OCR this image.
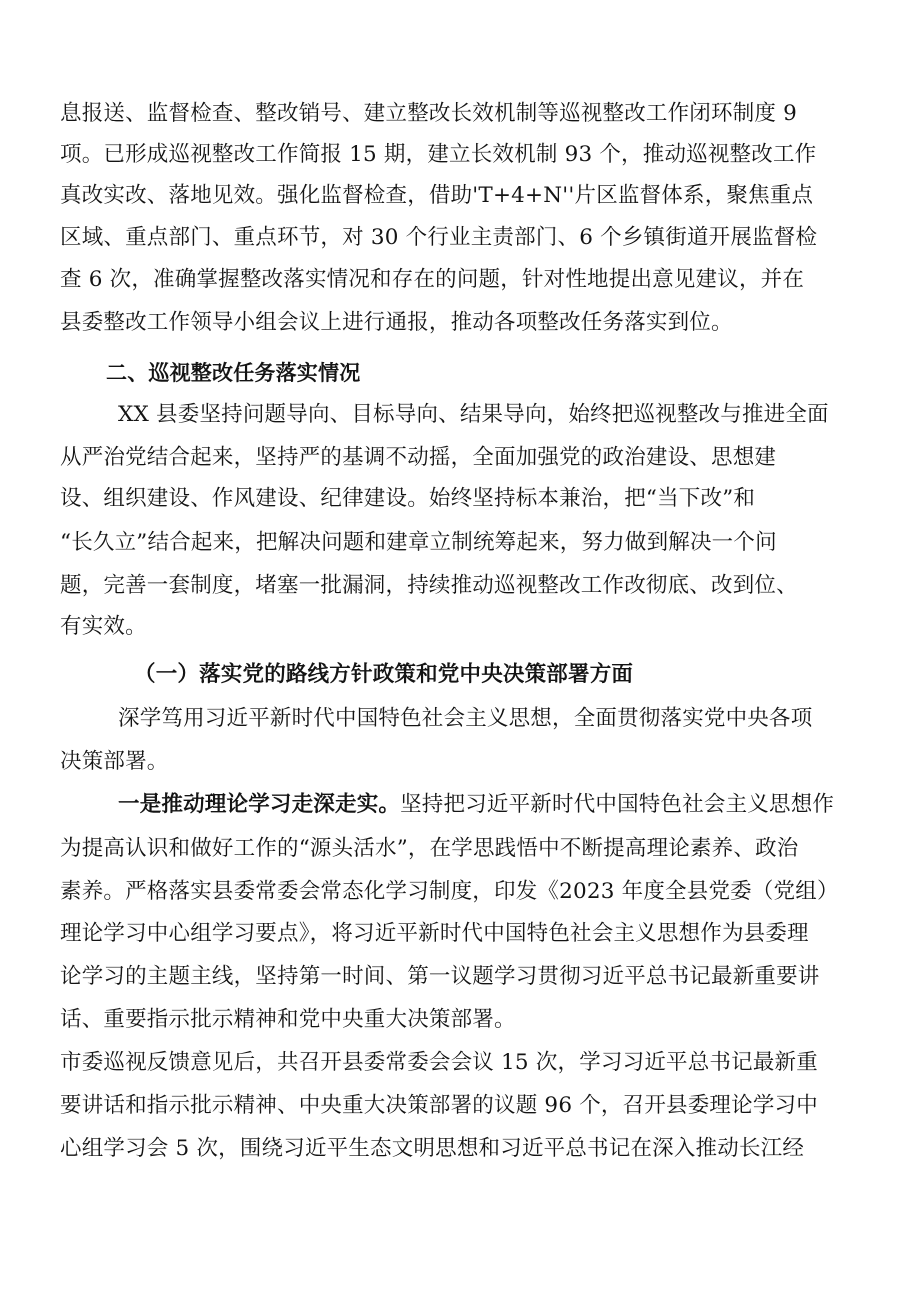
息报送、监督检查、整改销号、建立整改长效机制等巡视整改工作闭环制度 9
项。已形成巡视整改工作简报 15 期，建立长效机制 93 个，推动巡视整改工作
真改实改、落地见效。强化监督检查，借助'T+4+N''片区监督体系，聚焦重点
区域、重点部门、重点环节，对 30 个行业主责部门、6 个乡镇街道开展监督检
查 6 次，准确掌握整改落实情况和存在的问题，针对性地提出意见建议，并在
县委整改工作领导小组会议上进行通报，推动各项整改任务落实到位。
二、巡视整改任务落实情况
XX 县委坚持问题导向、目标导向、结果导向，始终把巡视整改与推进全面
从严治党结合起来，坚持严的基调不动摇，全面加强党的政治建设、思想建
设、组织建设、作风建设、纪律建设。始终坚持标本兼治，把“当下改”和
“长久立”结合起来，把解决问题和建章立制统筹起来，努力做到解决一个问
题，完善一套制度，堵塞一批漏洞，持续推动巡视整改工作改彻底、改到位、
有实效。
（一）落实党的路线方针政策和党中央决策部署方面
深学笃用习近平新时代中国特色社会主义思想，全面贯彻落实党中央各项
决策部署。
一是推动理论学习走深走实。坚持把习近平新时代中国特色社会主义思想作
为提高认识和做好工作的“源头活水”，在学思践悟中不断提高理论素养、政治
素养。严格落实县委常委会常态化学习制度，印发《2023 年度全县党委（党组）
理论学习中心组学习要点》，将习近平新时代中国特色社会主义思想作为县委理
论学习的主题主线，坚持第一时间、第一议题学习贯彻习近平总书记最新重要讲
话、重要指示批示精神和党中央重大决策部署。
市委巡视反馈意见后，共召开县委常委会会议 15 次，学习习近平总书记最新重
要讲话和指示批示精神、中央重大决策部署的议题 96 个，召开县委理论学习中
心组学习会 5 次，围绕习近平生态文明思想和习近平总书记在深入推动长江经
